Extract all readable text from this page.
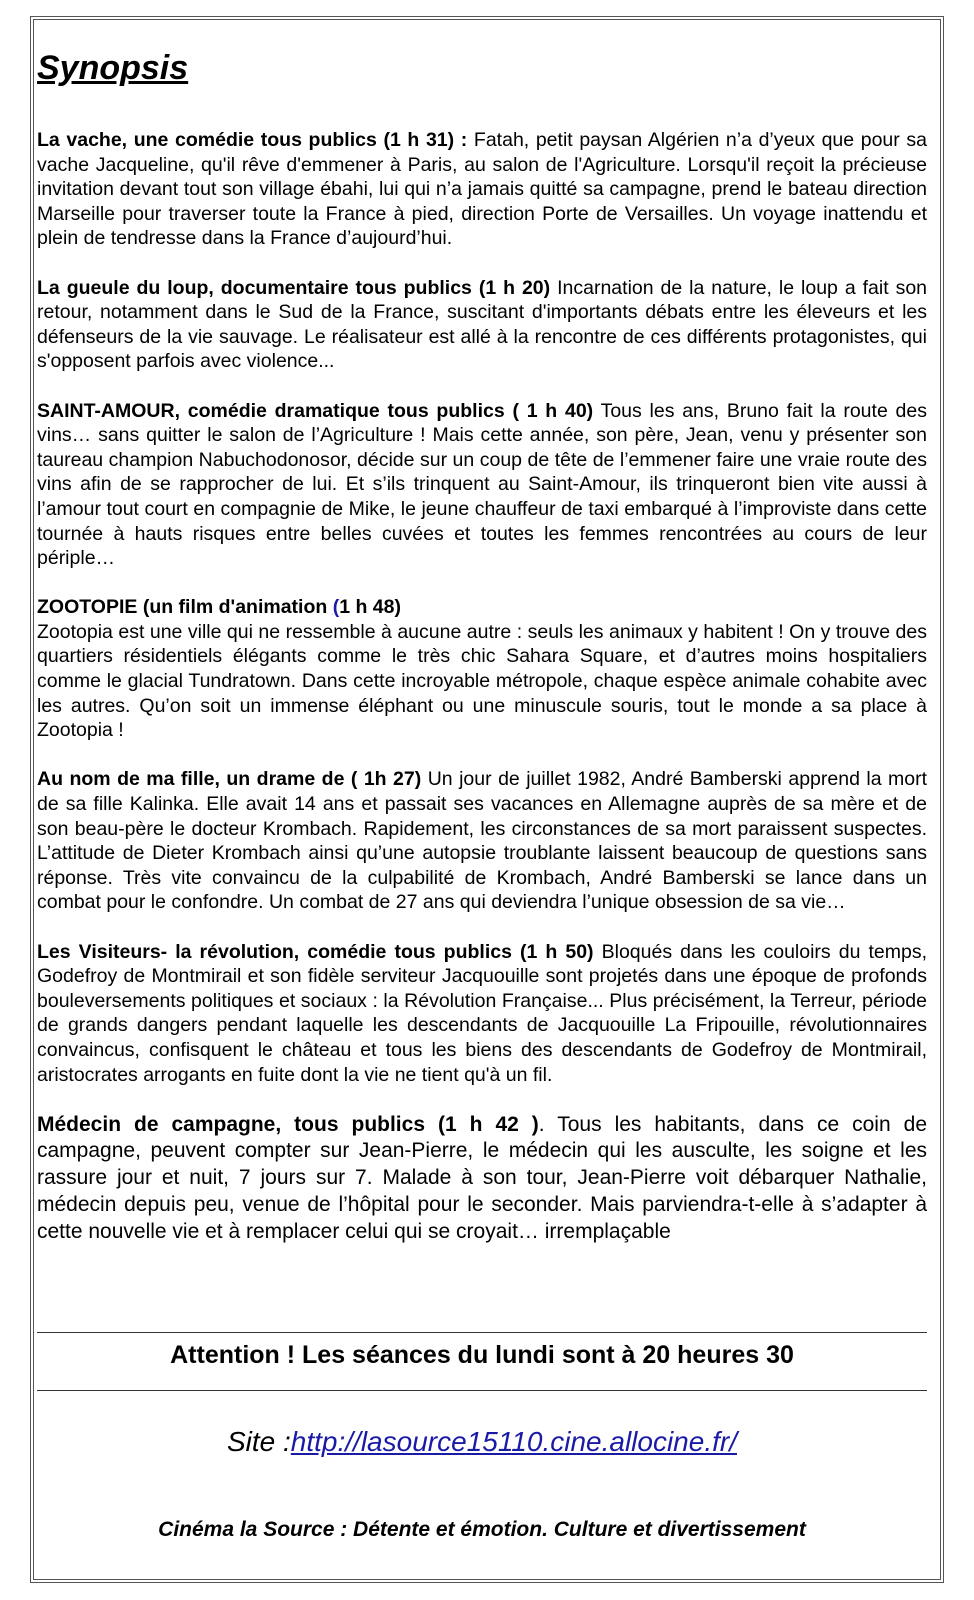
Synopsis

La vache, une comédie tous publics (1 h 31) : Fatah, petit paysan Algérien n’a d’yeux que pour sa vache Jacqueline, qu'il rêve d'emmener à Paris, au salon de l'Agriculture. Lorsqu'il reçoit la précieuse invitation devant tout son village ébahi, lui qui n’a jamais quitté sa campagne, prend le bateau direction Marseille pour traverser toute la France à pied, direction Porte de Versailles. Un voyage inattendu et plein de tendresse dans la France d’aujourd’hui.

La gueule du loup, documentaire tous publics (1 h 20) Incarnation de la nature, le loup a fait son retour, notamment dans le Sud de la France, suscitant d'importants débats entre les éleveurs et les défenseurs de la vie sauvage. Le réalisateur est allé à la rencontre de ces différents protagonistes, qui s'opposent parfois avec violence...

SAINT-AMOUR, comédie dramatique tous publics ( 1 h 40) Tous les ans, Bruno fait la route des vins… sans quitter le salon de l’Agriculture ! Mais cette année, son père, Jean, venu y présenter son taureau champion Nabuchodonosor, décide sur un coup de tête de l’emmener faire une vraie route des vins afin de se rapprocher de lui. Et s’ils trinquent au Saint-Amour, ils trinqueront bien vite aussi à l’amour tout court en compagnie de Mike, le jeune chauffeur de taxi embarqué à l’improviste dans cette tournée à hauts risques entre belles cuvées et toutes les femmes rencontrées au cours de leur périple…

ZOOTOPIE (un film d'animation (1 h 48)
Zootopia est une ville qui ne ressemble à aucune autre : seuls les animaux y habitent ! On y trouve des quartiers résidentiels élégants comme le très chic Sahara Square, et d’autres moins hospitaliers comme le glacial Tundratown. Dans cette incroyable métropole, chaque espèce animale cohabite avec les autres. Qu’on soit un immense éléphant ou une minuscule souris, tout le monde a sa place à Zootopia !

Au nom de ma fille, un drame de ( 1h 27) Un jour de juillet 1982, André Bamberski apprend la mort de sa fille Kalinka. Elle avait 14 ans et passait ses vacances en Allemagne auprès de sa mère et de son beau-père le docteur Krombach. Rapidement, les circonstances de sa mort paraissent suspectes. L’attitude de Dieter Krombach ainsi qu’une autopsie troublante laissent beaucoup de questions sans réponse. Très vite convaincu de la culpabilité de Krombach, André Bamberski se lance dans un combat pour le confondre. Un combat de 27 ans qui deviendra l’unique obsession de sa vie…

Les Visiteurs- la révolution, comédie tous publics (1 h 50) Bloqués dans les couloirs du temps, Godefroy de Montmirail et son fidèle serviteur Jacquouille sont projetés dans une époque de profonds bouleversements politiques et sociaux : la Révolution Française... Plus précisément, la Terreur, période de grands dangers pendant laquelle les descendants de Jacquouille La Fripouille, révolutionnaires convaincus, confisquent le château et tous les biens des descendants de Godefroy de Montmirail, aristocrates arrogants en fuite dont la vie ne tient qu'à un fil.

Médecin de campagne, tous publics (1 h 42 ). Tous les habitants, dans ce coin de campagne, peuvent compter sur Jean-Pierre, le médecin qui les ausculte, les soigne et les rassure jour et nuit, 7 jours sur 7. Malade à son tour, Jean-Pierre voit débarquer Nathalie, médecin depuis peu, venue de l’hôpital pour le seconder. Mais parviendra-t-elle à s’adapter à cette nouvelle vie et à remplacer celui qui se croyait… irremplaçable

Attention ! Les séances du lundi sont à 20 heures 30
Site :http://lasource15110.cine.allocine.fr/
Cinéma la Source : Détente et émotion. Culture et divertissement
